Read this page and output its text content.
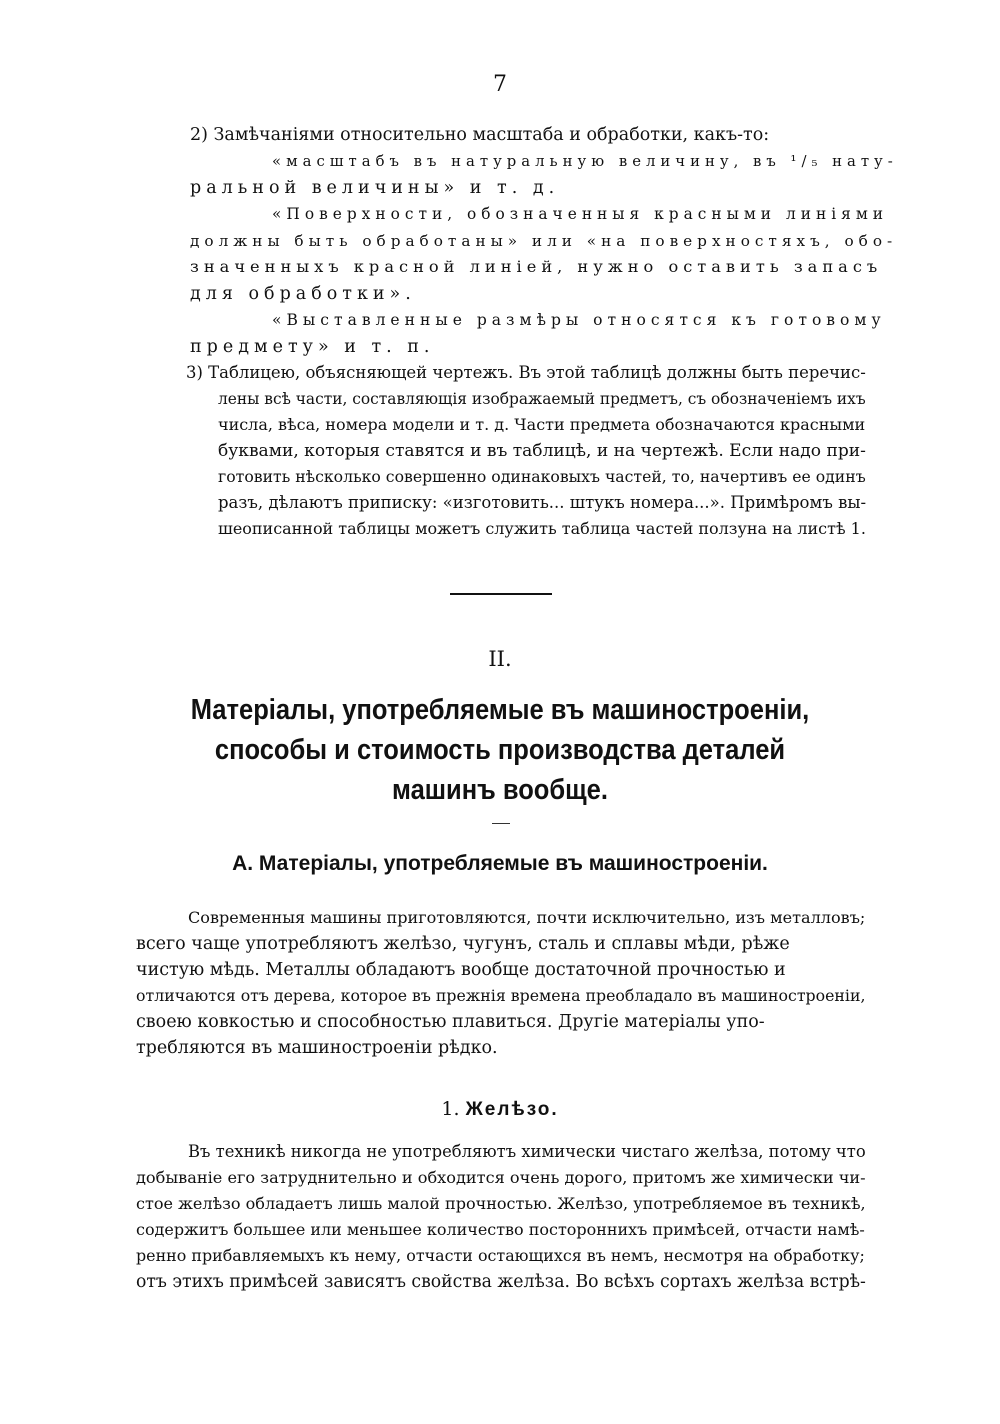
7
2) Замѣчаніями относительно масштаба и обработки, какъ-то:
«масштабъ въ натуральную величину, въ ¹/₅ нату-
ральной величины» и т. д.
«Поверхности, обозначенныя красными линіями
должны быть обработаны» или «на поверхностяхъ, обо-
значенныхъ красной линіей, нужно оставить запасъ
для обработки».
«Выставленные размѣры относятся къ готовому
предмету» и т. п.
3) Таблицею, объясняющей чертежъ. Въ этой таблицѣ должны быть перечис-
лены всѣ части, составляющія изображаемый предметъ, съ обозначеніемъ ихъ
числа, вѣса, номера модели и т. д. Части предмета обозначаются красными
буквами, которыя ставятся и въ таблицѣ, и на чертежѣ. Если надо при-
готовить нѣсколько совершенно одинаковыхъ частей, то, начертивъ ее одинъ
разъ, дѣлаютъ приписку: «изготовить... штукъ номера...». Примѣромъ вы-
шеописанной таблицы можетъ служить таблица частей ползуна на листѣ 1.
II.
Матеріалы, употребляемые въ машиностроеніи,
способы и стоимость производства деталей
машинъ вообще.
А. Матеріалы, употребляемые въ машиностроеніи.
Современныя машины приготовляются, почти исключительно, изъ металловъ;
всего чаще употребляютъ желѣзо, чугунъ, сталь и сплавы мѣди, рѣже
чистую мѣдь. Металлы обладаютъ вообще достаточной прочностью и
отличаются отъ дерева, которое въ прежнія времена преобладало въ машиностроеніи,
своею ковкостью и способностью плавиться. Другіе матеріалы упо-
требляются въ машиностроеніи рѣдко.
1. Желѣзо.
Въ техникѣ никогда не употребляютъ химически чистаго желѣза, потому что
добываніе его затруднительно и обходится очень дорого, притомъ же химически чи-
стое желѣзо обладаетъ лишь малой прочностью. Желѣзо, употребляемое въ техникѣ,
содержитъ большее или меньшее количество постороннихъ примѣсей, отчасти намѣ-
ренно прибавляемыхъ къ нему, отчасти остающихся въ немъ, несмотря на обработку;
отъ этихъ примѣсей зависятъ свойства желѣза. Во всѣхъ сортахъ желѣза встрѣ-
